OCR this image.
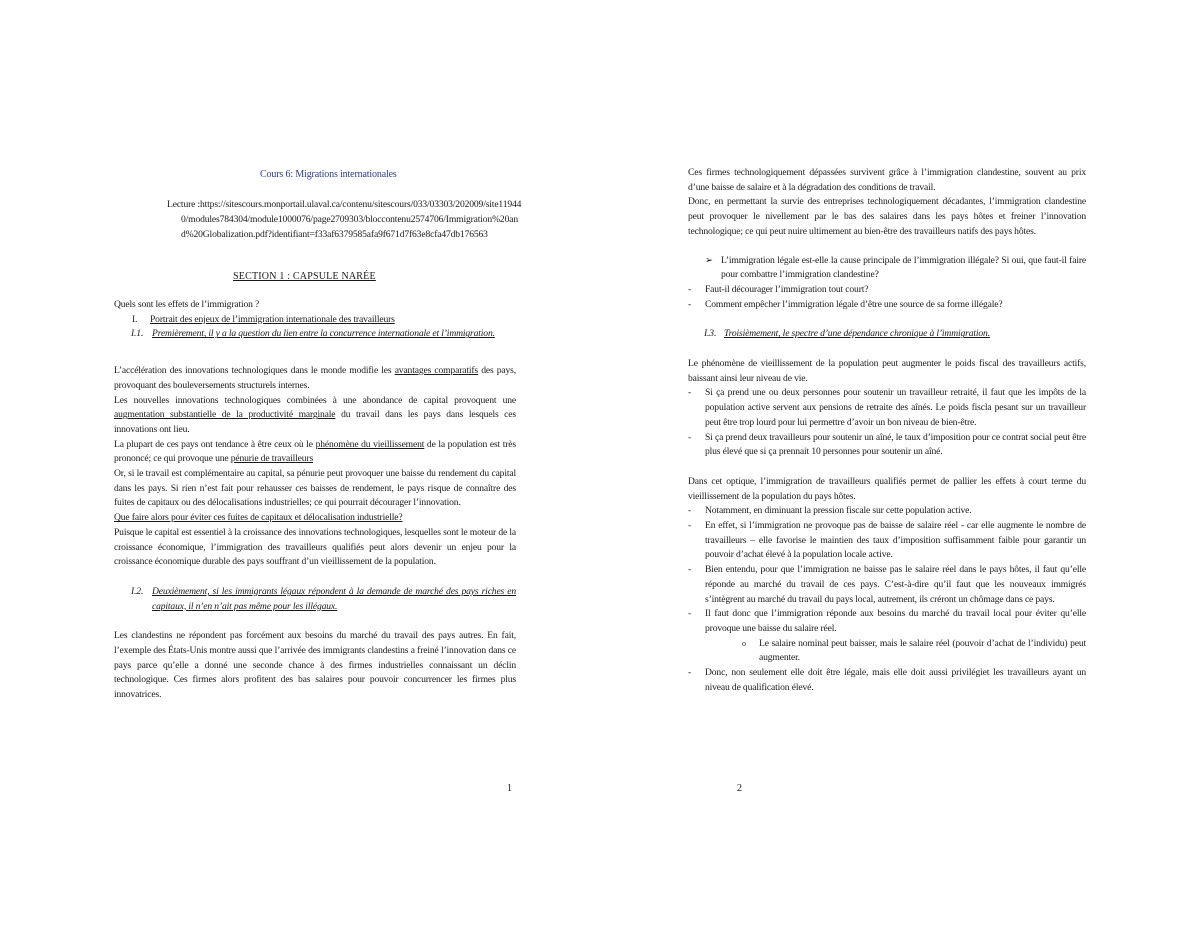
Cours 6: Migrations internationales
Lecture :https://sitescours.monportail.ulaval.ca/contenu/sitescours/033/03303/202009/site119440/modules784304/module1000076/page2709303/bloccontenu2574706/Immigration%20and%20Globalization.pdf?identifiant=f33af6379585afa9f671d7f63e8cfa47db176563
SECTION 1 : CAPSULE NARÉE

Quels sont les effets de l’immigration ?

I. Portrait des enjeux de l’immigration internationale des travailleurs
I.1. Premièrement, il y a la question du lien entre la concurrence internationale et l’immigration.

L’accélération des innovations technologiques dans le monde modifie les avantages comparatifs des pays, provoquant des bouleversements structurels internes.

Les nouvelles innovations technologiques combinées à une abondance de capital provoquent une augmentation substantielle de la productivité marginale du travail dans les pays dans lesquels ces innovations ont lieu.

La plupart de ces pays ont tendance à être ceux où le phénomène du vieillissement de la population est très prononcé; ce qui provoque une pénurie de travailleurs

Or, si le travail est complémentaire au capital, sa pénurie peut provoquer une baisse du rendement du capital dans les pays. Si rien n’est fait pour rehausser ces baisses de rendement, le pays risque de connaître des fuites de capitaux ou des délocalisations industrielles; ce qui pourrait décourager l’innovation.

Que faire alors pour éviter ces fuites de capitaux et délocalisation industrielle?

Puisque le capital est essentiel à la croissance des innovations technologiques, lesquelles sont le moteur de la croissance économique, l’immigration des travailleurs qualifiés peut alors devenir un enjeu pour la croissance économique durable des pays souffrant d’un vieillissement de la population.

I.2. Deuxièmement, si les immigrants légaux répondent à la demande de marché des pays riches en capitaux, il n’en n’ait pas même pour les illégaux.

Les clandestins ne répondent pas forcément aux besoins du marché du travail des pays autres. En fait, l’exemple des États-Unis montre aussi que l’arrivée des immigrants clandestins a freiné l’innovation dans ce pays parce qu’elle a donné une seconde chance à des firmes industrielles connaissant un déclin technologique. Ces firmes alors profitent des bas salaires pour pouvoir concurrencer les firmes plus innovatrices.

1

Ces firmes technologiquement dépassées survivent grâce à l’immigration clandestine, souvent au prix d’une baisse de salaire et à la dégradation des conditions de travail.

Donc, en permettant la survie des entreprises technologiquement décadantes, l’immigration clandestine peut provoquer le nivellement par le bas des salaires dans les pays hôtes et freiner l’innovation technologique; ce qui peut nuire ultimement au bien-être des travailleurs natifs des pays hôtes.

➢ L’immigration légale est-elle la cause principale de l’immigration illégale? Si oui, que faut-il faire pour combattre l’immigration clandestine?
- Faut-il décourager l’immigration tout court?
- Comment empêcher l’immigration légale d’être une source de sa forme illégale?
I.3. Troisièmement, le spectre d’une dépendance chronique à l’immigration.

Le phénomène de vieillissement de la population peut augmenter le poids fiscal des travailleurs actifs, baissant ainsi leur niveau de vie.

- Si ça prend une ou deux personnes pour soutenir un travailleur retraité, il faut que les impôts de la population active servent aux pensions de retraite des aînés. Le poids fiscla pesant sur un travailleur peut être trop lourd pour lui permettre d’avoir un bon niveau de bien-être.
- Si ça prend deux travailleurs pour soutenir un aîné, le taux d’imposition pour ce contrat social peut être plus élevé que si ça prennait 10 personnes pour soutenir un aîné.

Dans cet optique, l’immigration de travailleurs qualifiés permet de pallier les effets à court terme du vieillissement de la population du pays hôtes.

- Notamment, en diminuant la pression fiscale sur cette population active.
- En effet, si l’immigration ne provoque pas de baisse de salaire réel - car elle augmente le nombre de travailleurs – elle favorise le maintien des taux d’imposition suffisamment faible pour garantir un pouvoir d’achat élevé à la population locale active.
- Bien entendu, pour que l’immigration ne baisse pas le salaire réel dans le pays hôtes, il faut qu’elle réponde au marché du travail de ces pays. C’est-à-dire qu’il faut que les nouveaux immigrés s’intègrent au marché du travail du pays local, autrement, ils créront un chômage dans ce pays.
- Il faut donc que l’immigration réponde aux besoins du marché du travail local pour éviter qu’elle provoque une baisse du salaire réel.
o Le salaire nominal peut baisser, mais le salaire réel (pouvoir d’achat de l’individu) peut augmenter.
- Donc, non seulement elle doit être légale, mais elle doit aussi privilégiet les travailleurs ayant un niveau de qualification élevé.
2
